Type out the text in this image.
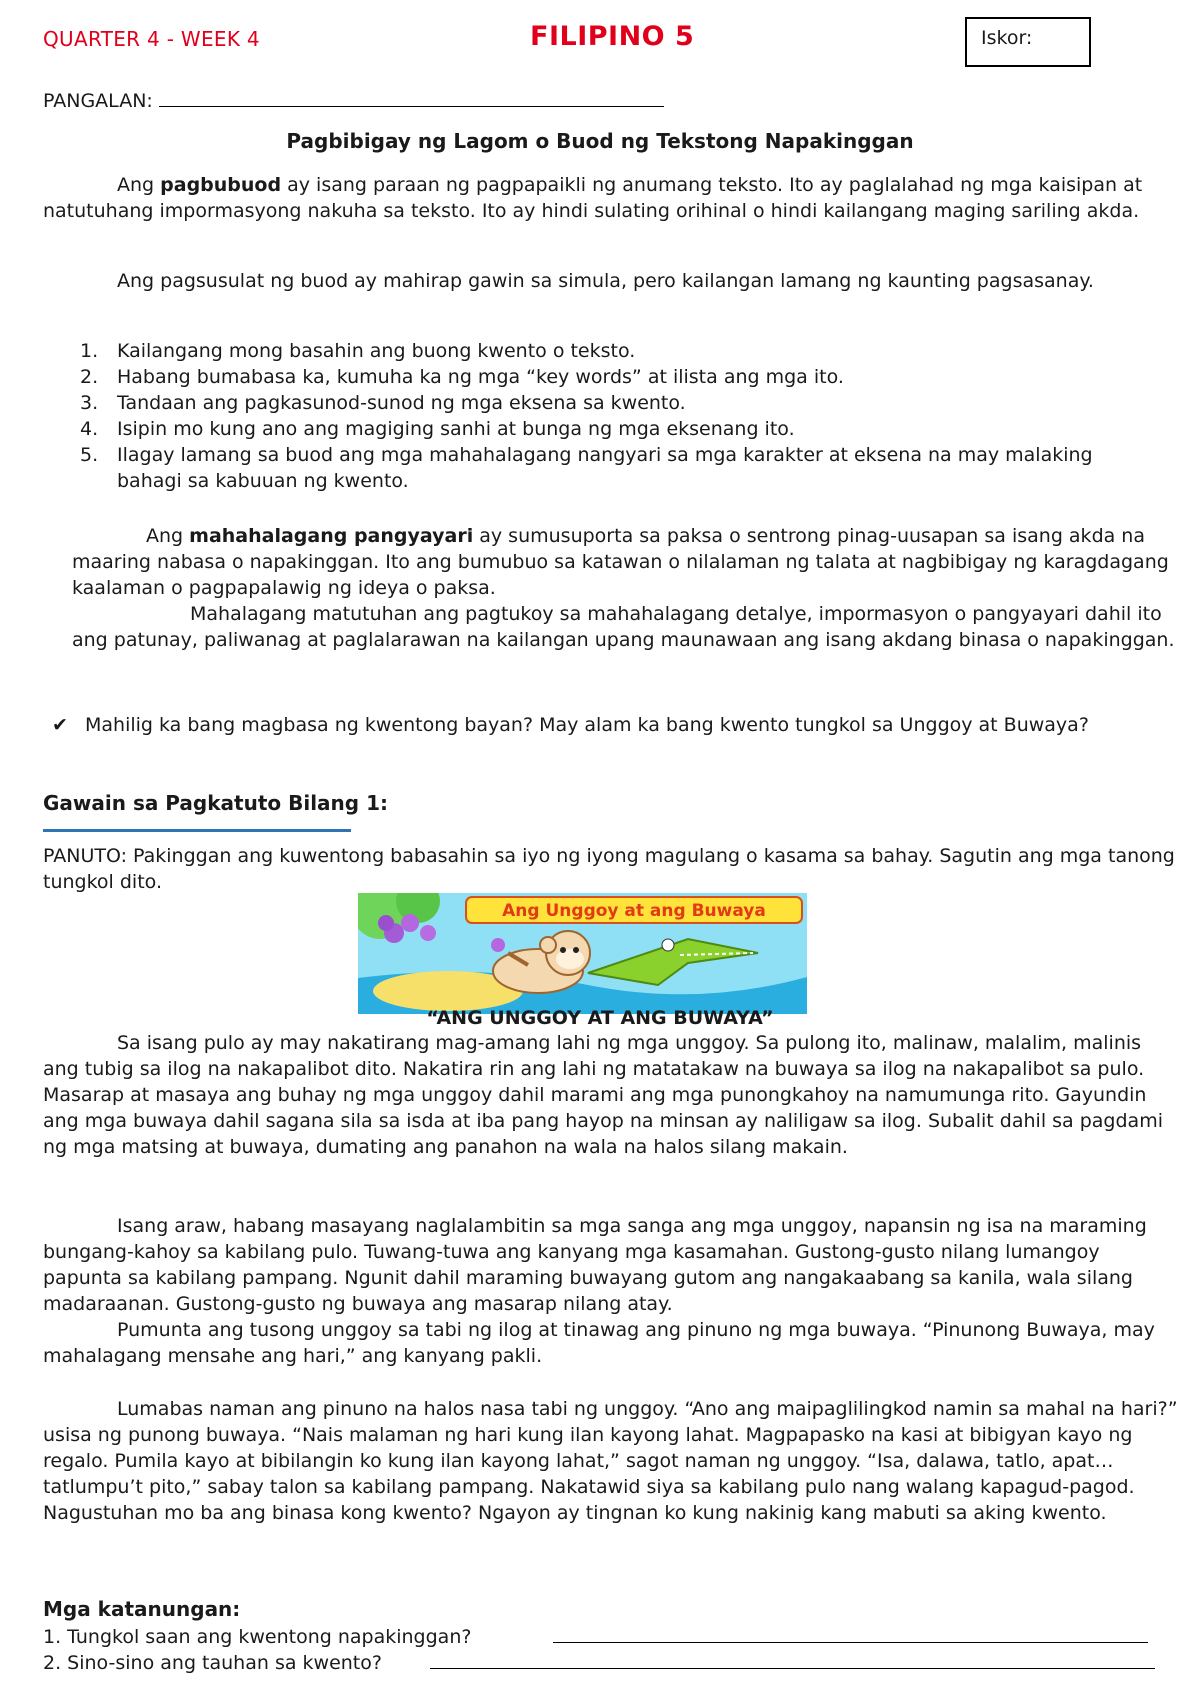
QUARTER 4 - WEEK 4	FILIPINO 5	Iskor:
PANGALAN:
Pagbibigay ng Lagom o Buod ng Tekstong Napakinggan
Ang pagbubuod ay isang paraan ng pagpapaikli ng anumang teksto. Ito ay paglalahad ng mga kaisipan at natutuhang impormasyong nakuha sa teksto. Ito ay hindi sulating orihinal o hindi kailangang maging sariling akda.
Ang pagsusulat ng buod ay mahirap gawin sa simula, pero kailangan lamang ng kaunting pagsasanay.
1. Kailangang mong basahin ang buong kwento o teksto.
2. Habang bumabasa ka, kumuha ka ng mga “key words” at ilista ang mga ito.
3. Tandaan ang pagkasunod-sunod ng mga eksena sa kwento.
4. Isipin mo kung ano ang magiging sanhi at bunga ng mga eksenang ito.
5. Ilagay lamang sa buod ang mga mahahalagang nangyari sa mga karakter at eksena na may malaking bahagi sa kabuuan ng kwento.
Ang mahahalagang pangyayari ay sumusuporta sa paksa o sentrong pinag-uusapan sa isang akda na maaring nabasa o napakinggan. Ito ang bumubuo sa katawan o nilalaman ng talata at nagbibigay ng karagdagang kaalaman o pagpapalawig ng ideya o paksa.
Mahalagang matutuhan ang pagtukoy sa mahahalagang detalye, impormasyon o pangyayari dahil ito ang patunay, paliwanag at paglalarawan na kailangan upang maunawaan ang isang akdang binasa o napakinggan.
✔ Mahilig ka bang magbasa ng kwentong bayan? May alam ka bang kwento tungkol sa Unggoy at Buwaya?
Gawain sa Pagkatuto Bilang 1:
PANUTO: Pakinggan ang kuwentong babasahin sa iyo ng iyong magulang o kasama sa bahay. Sagutin ang mga tanong tungkol dito.
Ang Unggoy at ang Buwaya
“ANG UNGGOY AT ANG BUWAYA”
Sa isang pulo ay may nakatirang mag-amang lahi ng mga unggoy. Sa pulong ito, malinaw, malalim, malinis ang tubig sa ilog na nakapalibot dito. Nakatira rin ang lahi ng matatakaw na buwaya sa ilog na nakapalibot sa pulo. Masarap at masaya ang buhay ng mga unggoy dahil marami ang mga punongkahoy na namumunga rito. Gayundin ang mga buwaya dahil sagana sila sa isda at iba pang hayop na minsan ay naliligaw sa ilog. Subalit dahil sa pagdami ng mga matsing at buwaya, dumating ang panahon na wala na halos silang makain.
Isang araw, habang masayang naglalambitin sa mga sanga ang mga unggoy, napansin ng isa na maraming bungang-kahoy sa kabilang pulo. Tuwang-tuwa ang kanyang mga kasamahan. Gustong-gusto nilang lumangoy papunta sa kabilang pampang. Ngunit dahil maraming buwayang gutom ang nangakaabang sa kanila, wala silang madaraanan. Gustong-gusto ng buwaya ang masarap nilang atay.
Pumunta ang tusong unggoy sa tabi ng ilog at tinawag ang pinuno ng mga buwaya. “Pinunong Buwaya, may mahalagang mensahe ang hari,” ang kanyang pakli.
Lumabas naman ang pinuno na halos nasa tabi ng unggoy. “Ano ang maipaglilingkod namin sa mahal na hari?” usisa ng punong buwaya. “Nais malaman ng hari kung ilan kayong lahat. Magpapasko na kasi at bibigyan kayo ng regalo. Pumila kayo at bibilangin ko kung ilan kayong lahat,” sagot naman ng unggoy. “Isa, dalawa, tatlo, apat…tatlumpu’t pito,” sabay talon sa kabilang pampang. Nakatawid siya sa kabilang pulo nang walang kapagud-pagod. Nagustuhan mo ba ang binasa kong kwento? Ngayon ay tingnan ko kung nakinig kang mabuti sa aking kwento.
Mga katanungan:
1. Tungkol saan ang kwentong napakinggan?
2. Sino-sino ang tauhan sa kwento?
